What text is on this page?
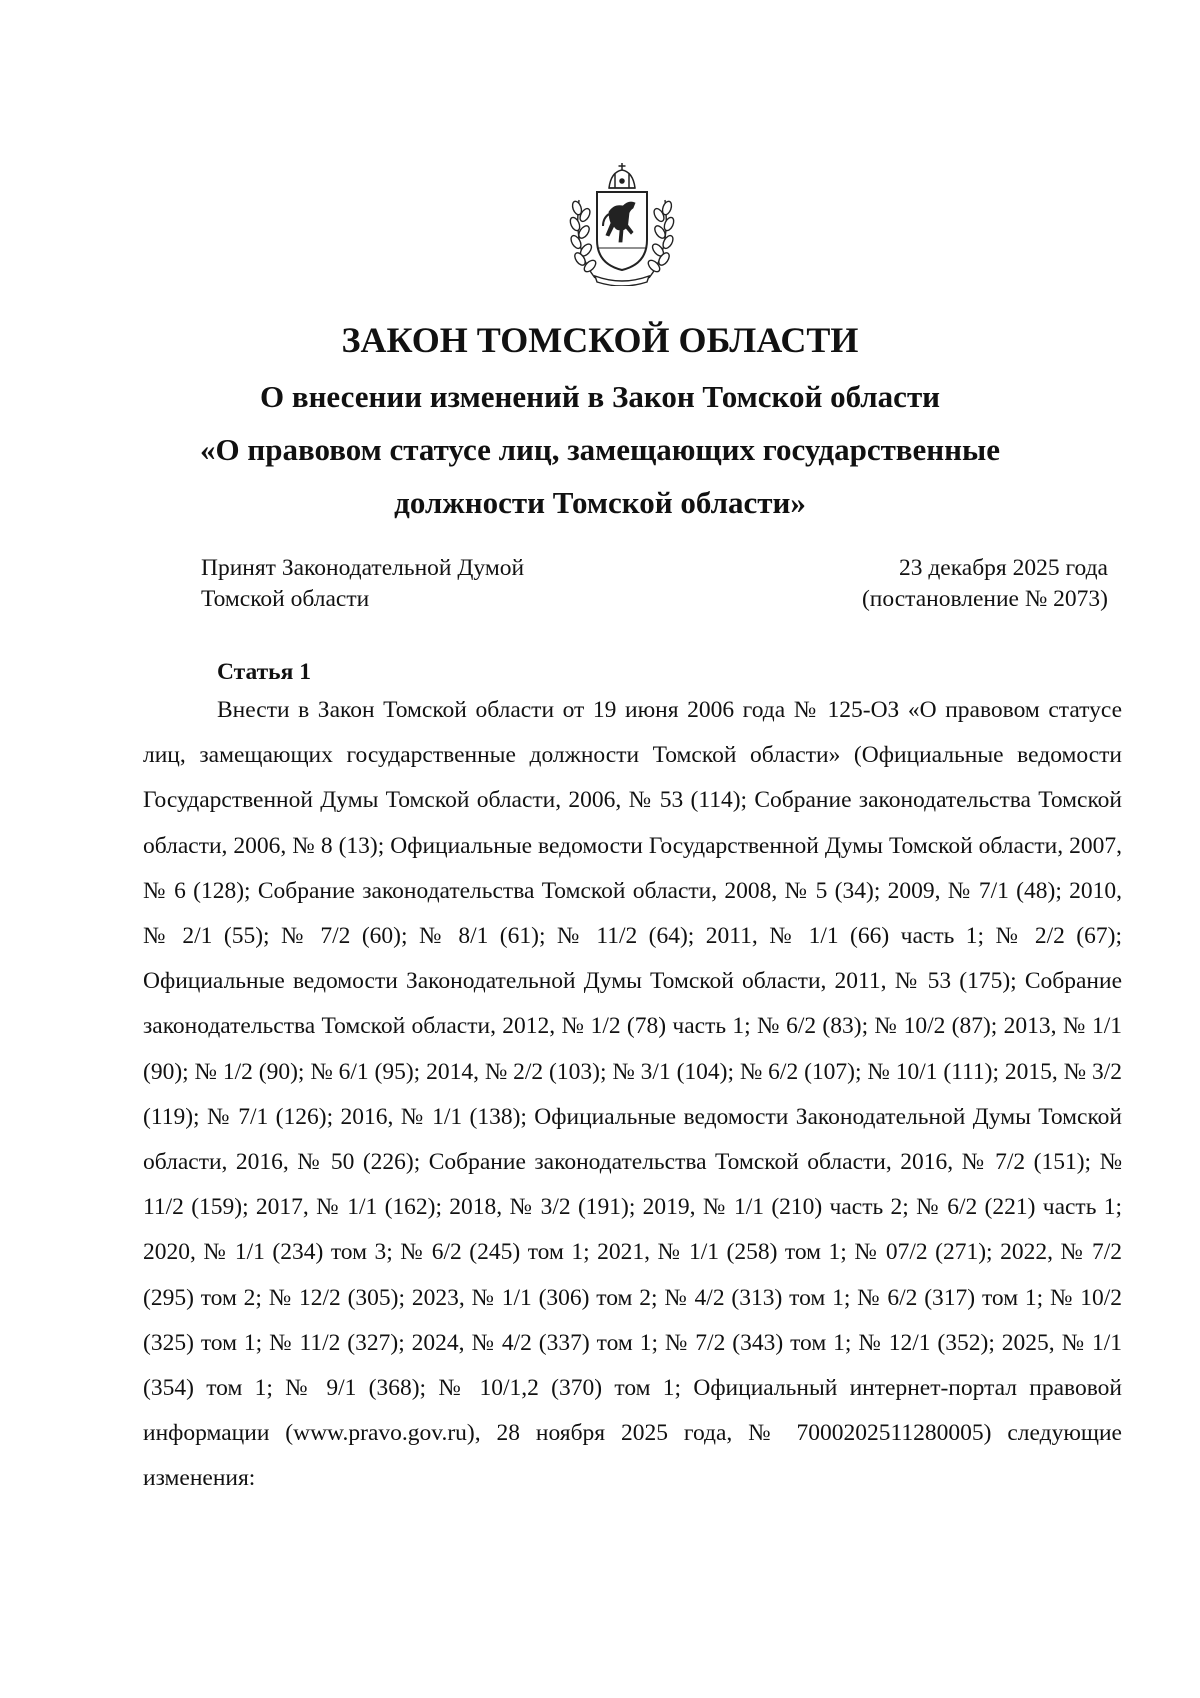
ЗАКОН ТОМСКОЙ ОБЛАСТИ
О внесении изменений в Закон Томской области
«О правовом статусе лиц, замещающих государственные
должности Томской области»
Принят Законодательной Думой
Томской области
23 декабря 2025 года
(постановление № 2073)
Статья 1

Внести в Закон Томской области от 19 июня 2006 года № 125-ОЗ «О правовом статусе лиц, замещающих государственные должности Томской области» (Официальные ведомости Государственной Думы Томской области, 2006, № 53 (114); Собрание законодательства Томской области, 2006, № 8 (13); Официальные ведомости Государственной Думы Томской области, 2007, № 6 (128); Собрание законодательства Томской области, 2008, № 5 (34); 2009, № 7/1 (48); 2010, № 2/1 (55); № 7/2 (60); № 8/1 (61); № 11/2 (64); 2011, № 1/1 (66) часть 1; № 2/2 (67); Официальные ведомости Законодательной Думы Томской области, 2011, № 53 (175); Собрание законодательства Томской области, 2012, № 1/2 (78) часть 1; № 6/2 (83); № 10/2 (87); 2013, № 1/1 (90); № 1/2 (90); № 6/1 (95); 2014, № 2/2 (103); № 3/1 (104); № 6/2 (107); № 10/1 (111); 2015, № 3/2 (119); № 7/1 (126); 2016, № 1/1 (138); Официальные ведомости Законодательной Думы Томской области, 2016, № 50 (226); Собрание законодательства Томской области, 2016, № 7/2 (151); № 11/2 (159); 2017, № 1/1 (162); 2018, № 3/2 (191); 2019, № 1/1 (210) часть 2; № 6/2 (221) часть 1; 2020, № 1/1 (234) том 3; № 6/2 (245) том 1; 2021, № 1/1 (258) том 1; № 07/2 (271); 2022, № 7/2 (295) том 2; № 12/2 (305); 2023, № 1/1 (306) том 2; № 4/2 (313) том 1; № 6/2 (317) том 1; № 10/2 (325) том 1; № 11/2 (327); 2024, № 4/2 (337) том 1; № 7/2 (343) том 1; № 12/1 (352); 2025, № 1/1 (354) том 1; № 9/1 (368); № 10/1,2 (370) том 1; Официальный интернет-портал правовой информации (www.pravo.gov.ru), 28 ноября 2025 года, № 7000202511280005) следующие изменения:
